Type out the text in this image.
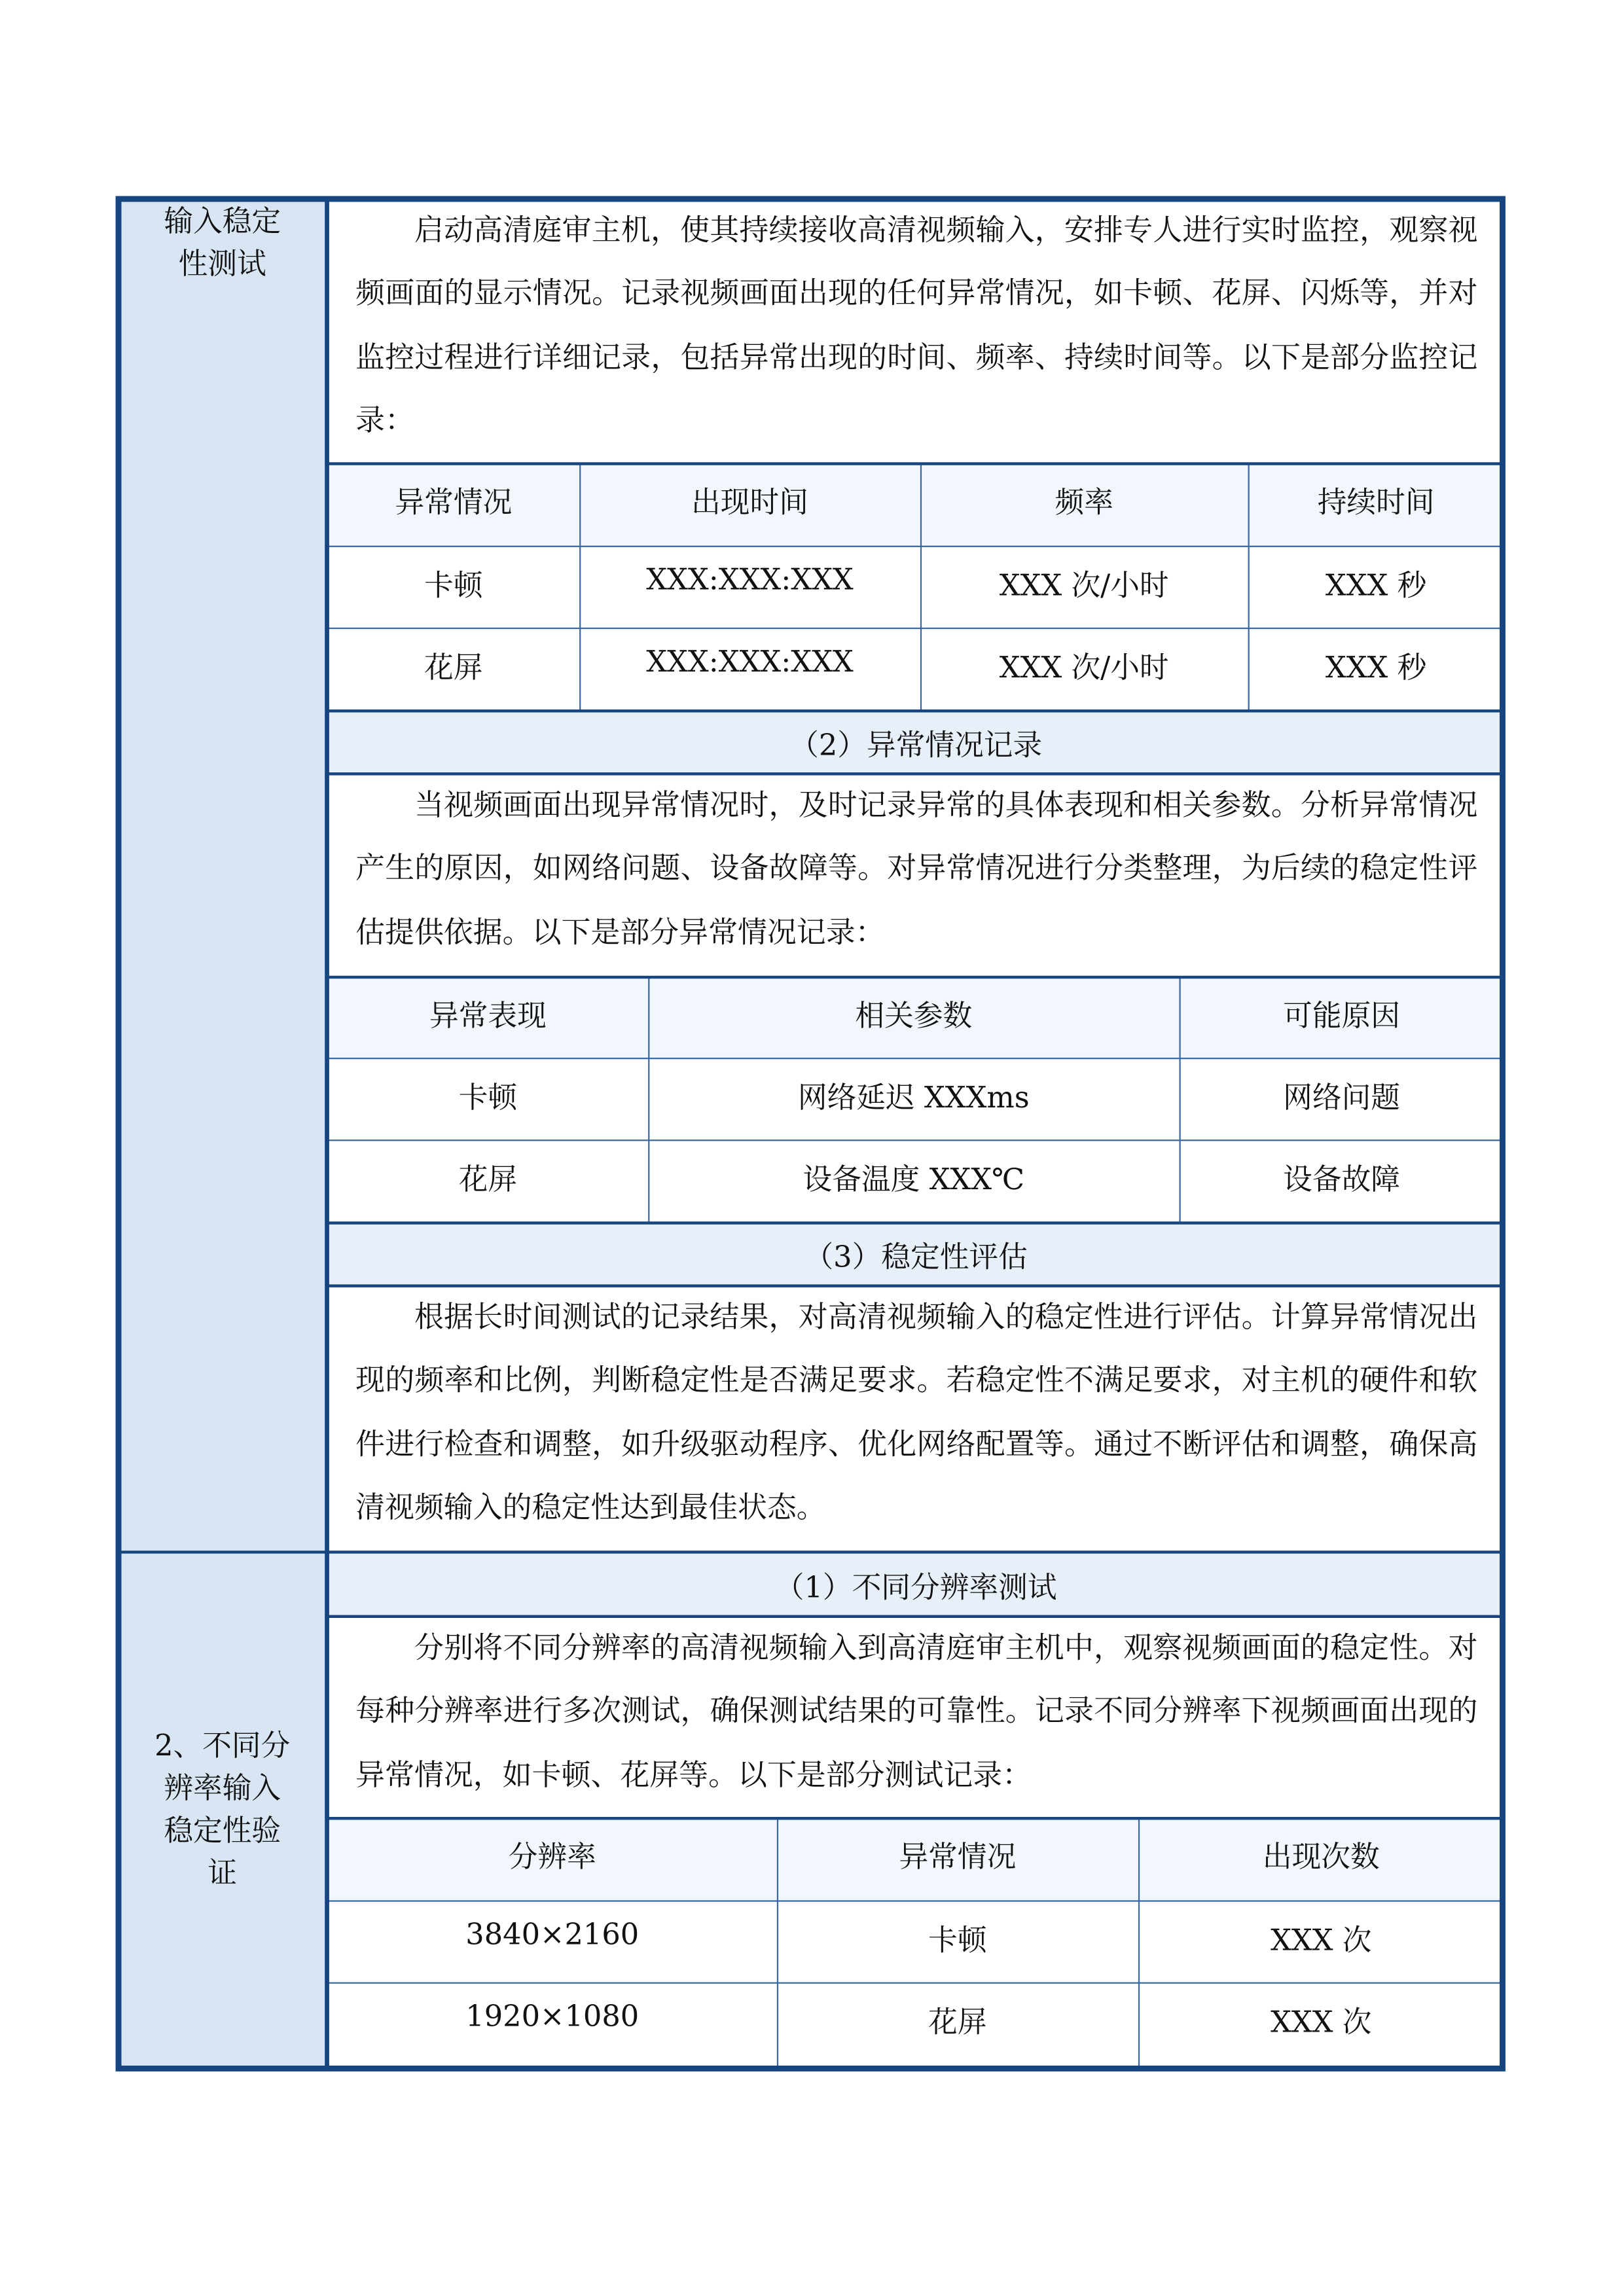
输入稳定
性测试
2、不同分
辨率输入
稳定性验
证
启动高清庭审主机，使其持续接收高清视频输入，安排专人进行实时监控，观察视频画面的显示情况。记录视频画面出现的任何异常情况，如卡顿、花屏、闪烁等，并对监控过程进行详细记录，包括异常出现的时间、频率、持续时间等。以下是部分监控记录：
异常情况	出现时间	频率	持续时间
卡顿	XXX:XXX:XXX	XXX 次/小时	XXX 秒
花屏	XXX:XXX:XXX	XXX 次/小时	XXX 秒
（2）异常情况记录
当视频画面出现异常情况时，及时记录异常的具体表现和相关参数。分析异常情况产生的原因，如网络问题、设备故障等。对异常情况进行分类整理，为后续的稳定性评估提供依据。以下是部分异常情况记录：
异常表现	相关参数	可能原因
卡顿	网络延迟 XXXms	网络问题
花屏	设备温度 XXX℃	设备故障
（3）稳定性评估
根据长时间测试的记录结果，对高清视频输入的稳定性进行评估。计算异常情况出现的频率和比例，判断稳定性是否满足要求。若稳定性不满足要求，对主机的硬件和软件进行检查和调整，如升级驱动程序、优化网络配置等。通过不断评估和调整，确保高清视频输入的稳定性达到最佳状态。
（1）不同分辨率测试
分别将不同分辨率的高清视频输入到高清庭审主机中，观察视频画面的稳定性。对每种分辨率进行多次测试，确保测试结果的可靠性。记录不同分辨率下视频画面出现的异常情况，如卡顿、花屏等。以下是部分测试记录：
分辨率	异常情况	出现次数
3840×2160	卡顿	XXX 次
1920×1080	花屏	XXX 次
